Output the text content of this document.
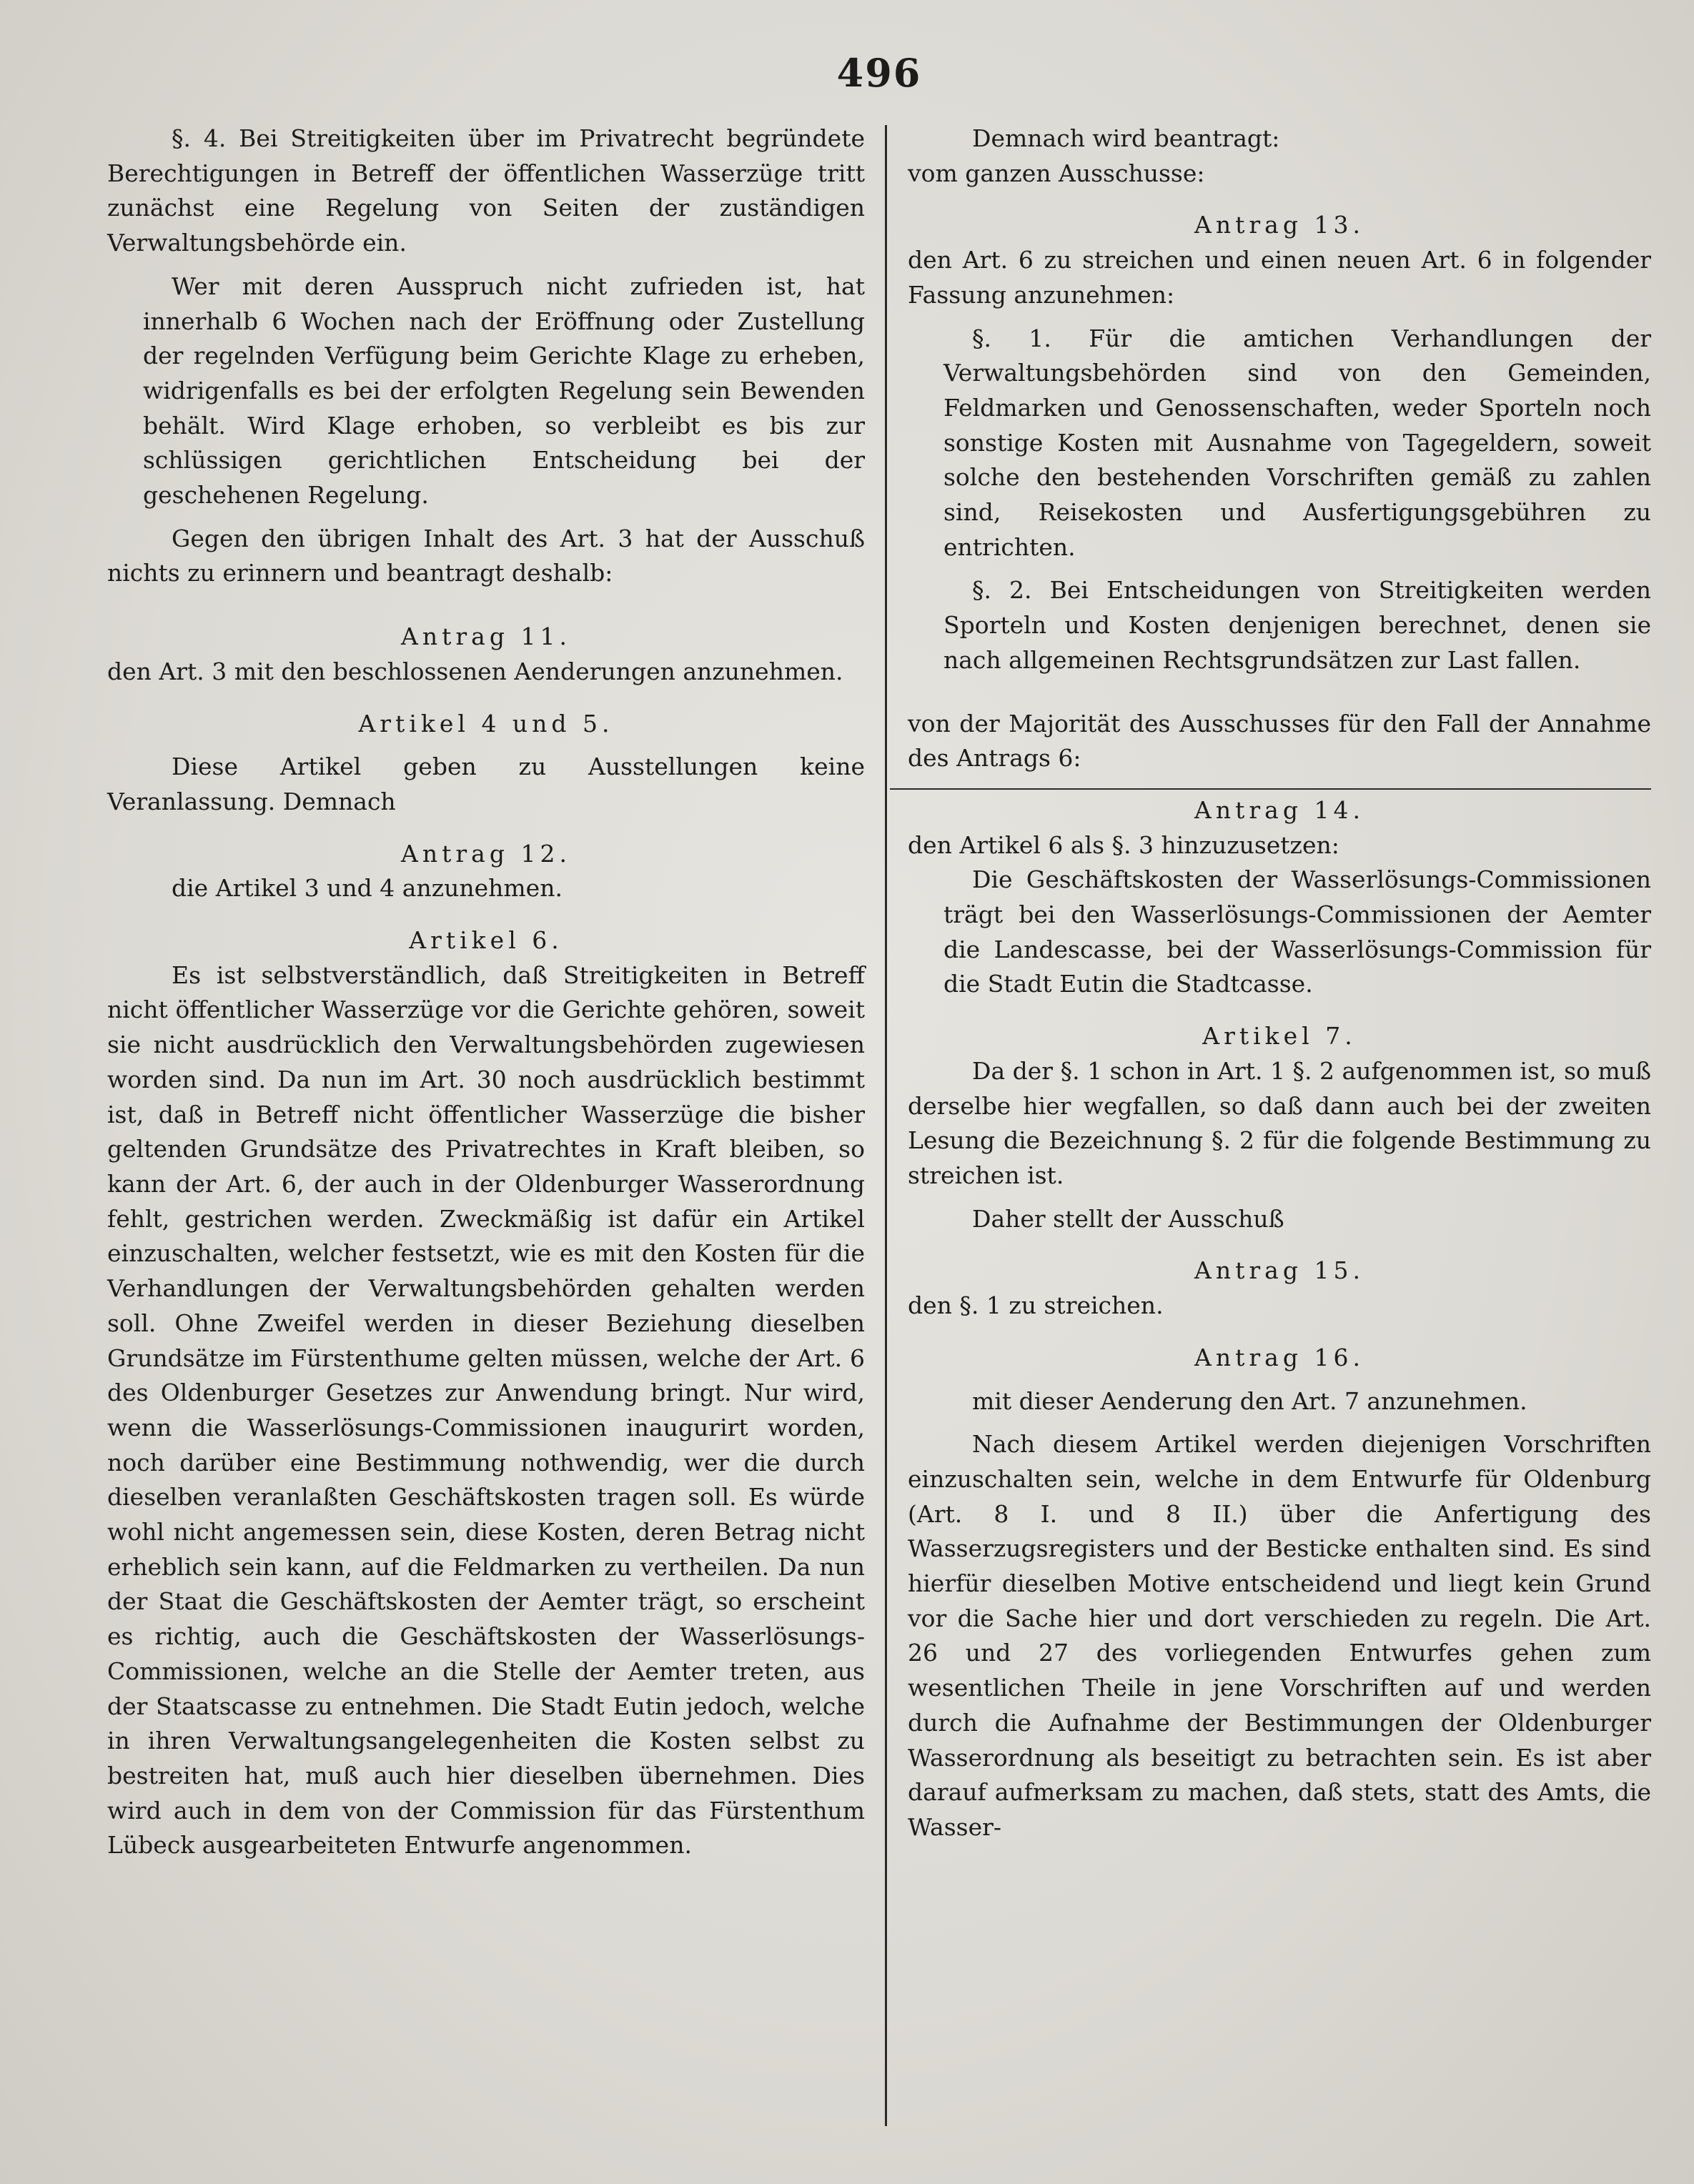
496

§. 4. Bei Streitigkeiten über im Privatrecht begründete Berechtigungen in Betreff der öffentlichen Wasserzüge tritt zunächst eine Regelung von Seiten der zuständigen Verwaltungsbehörde ein.

Wer mit deren Ausspruch nicht zufrieden ist, hat innerhalb 6 Wochen nach der Eröffnung oder Zustellung der regelnden Verfügung beim Gerichte Klage zu erheben, widrigenfalls es bei der erfolgten Regelung sein Bewenden behält. Wird Klage erhoben, so verbleibt es bis zur schlüssigen gerichtlichen Entscheidung bei der geschehenen Regelung.

Gegen den übrigen Inhalt des Art. 3 hat der Ausschuß nichts zu erinnern und beantragt deshalb:

Antrag 11.

den Art. 3 mit den beschlossenen Aenderungen anzunehmen.

Artikel 4 und 5.

Diese Artikel geben zu Ausstellungen keine Veranlassung. Demnach

Antrag 12.

die Artikel 3 und 4 anzunehmen.

Artikel 6.

Es ist selbstverständlich, daß Streitigkeiten in Betreff nicht öffentlicher Wasserzüge vor die Gerichte gehören, soweit sie nicht ausdrücklich den Verwaltungsbehörden zugewiesen worden sind. Da nun im Art. 30 noch ausdrücklich bestimmt ist, daß in Betreff nicht öffentlicher Wasserzüge die bisher geltenden Grundsätze des Privatrechtes in Kraft bleiben, so kann der Art. 6, der auch in der Oldenburger Wasserordnung fehlt, gestrichen werden. Zweckmäßig ist dafür ein Artikel einzuschalten, welcher festsetzt, wie es mit den Kosten für die Verhandlungen der Verwaltungsbehörden gehalten werden soll. Ohne Zweifel werden in dieser Beziehung dieselben Grundsätze im Fürstenthume gelten müssen, welche der Art. 6 des Oldenburger Gesetzes zur Anwendung bringt. Nur wird, wenn die Wasserlösungs-Commissionen inaugurirt worden, noch darüber eine Bestimmung nothwendig, wer die durch dieselben veranlaßten Geschäftskosten tragen soll. Es würde wohl nicht angemessen sein, diese Kosten, deren Betrag nicht erheblich sein kann, auf die Feldmarken zu vertheilen. Da nun der Staat die Geschäftskosten der Aemter trägt, so erscheint es richtig, auch die Geschäftskosten der Wasserlösungs-Commissionen, welche an die Stelle der Aemter treten, aus der Staatscasse zu entnehmen. Die Stadt Eutin jedoch, welche in ihren Verwaltungsangelegenheiten die Kosten selbst zu bestreiten hat, muß auch hier dieselben übernehmen. Dies wird auch in dem von der Commission für das Fürstenthum Lübeck ausgearbeiteten Entwurfe angenommen.

Demnach wird beantragt:

vom ganzen Ausschusse:

Antrag 13.

den Art. 6 zu streichen und einen neuen Art. 6 in folgender Fassung anzunehmen:

§. 1. Für die amtichen Verhandlungen der Verwaltungsbehörden sind von den Gemeinden, Feldmarken und Genossenschaften, weder Sporteln noch sonstige Kosten mit Ausnahme von Tagegeldern, soweit solche den bestehenden Vorschriften gemäß zu zahlen sind, Reisekosten und Ausfertigungsgebühren zu entrichten.

§. 2. Bei Entscheidungen von Streitigkeiten werden Sporteln und Kosten denjenigen berechnet, denen sie nach allgemeinen Rechtsgrundsätzen zur Last fallen.

von der Majorität des Ausschusses für den Fall der Annahme des Antrags 6:

Antrag 14.

den Artikel 6 als §. 3 hinzuzusetzen:

Die Geschäftskosten der Wasserlösungs-Commissionen trägt bei den Wasserlösungs-Commissionen der Aemter die Landescasse, bei der Wasserlösungs-Commission für die Stadt Eutin die Stadtcasse.

Artikel 7.

Da der §. 1 schon in Art. 1 §. 2 aufgenommen ist, so muß derselbe hier wegfallen, so daß dann auch bei der zweiten Lesung die Bezeichnung §. 2 für die folgende Bestimmung zu streichen ist.

Daher stellt der Ausschuß

Antrag 15.

den §. 1 zu streichen.

Antrag 16.

mit dieser Aenderung den Art. 7 anzunehmen.

Nach diesem Artikel werden diejenigen Vorschriften einzuschalten sein, welche in dem Entwurfe für Oldenburg (Art. 8 I. und 8 II.) über die Anfertigung des Wasserzugsregisters und der Besticke enthalten sind. Es sind hierfür dieselben Motive entscheidend und liegt kein Grund vor die Sache hier und dort verschieden zu regeln. Die Art. 26 und 27 des vorliegenden Entwurfes gehen zum wesentlichen Theile in jene Vorschriften auf und werden durch die Aufnahme der Bestimmungen der Oldenburger Wasserordnung als beseitigt zu betrachten sein. Es ist aber darauf aufmerksam zu machen, daß stets, statt des Amts, die Wasser-
